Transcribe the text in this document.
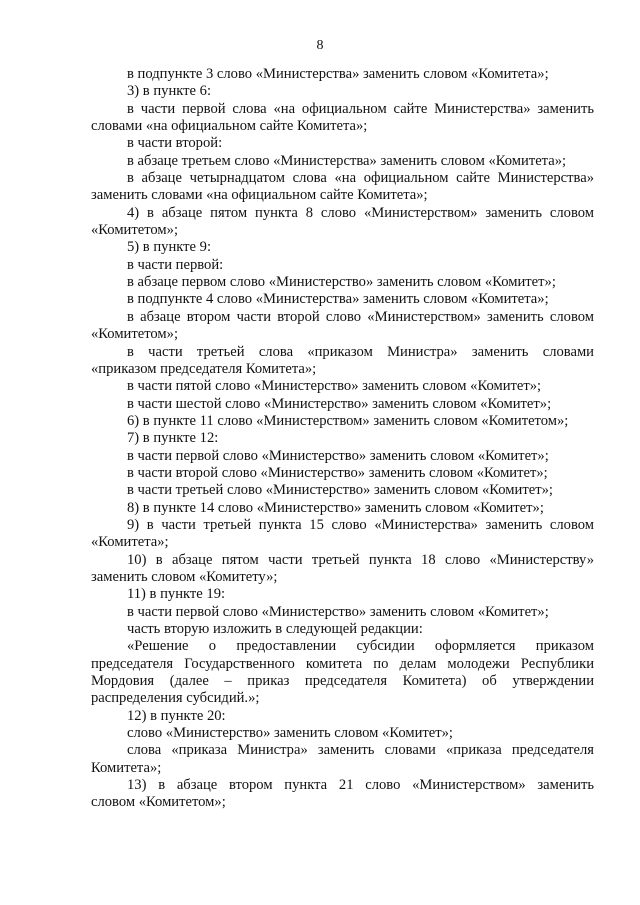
8
в подпункте 3 слово «Министерства» заменить словом «Комитета»;
3) в пункте 6:
в части первой слова «на официальном сайте Министерства» заменить
словами «на официальном сайте Комитета»;
в части второй:
в абзаце третьем слово «Министерства» заменить словом «Комитета»;
в абзаце четырнадцатом слова «на официальном сайте Министерства»
заменить словами «на официальном сайте Комитета»;
4) в абзаце пятом пункта 8 слово «Министерством» заменить словом
«Комитетом»;
5) в пункте 9:
в части первой:
в абзаце первом слово «Министерство» заменить словом «Комитет»;
в подпункте 4 слово «Министерства» заменить словом «Комитета»;
в абзаце втором части второй слово «Министерством» заменить словом
«Комитетом»;
в части третьей слова «приказом Министра» заменить словами
«приказом председателя Комитета»;
в части пятой слово «Министерство» заменить словом «Комитет»;
в части шестой слово «Министерство» заменить словом «Комитет»;
6) в пункте 11 слово «Министерством» заменить словом «Комитетом»;
7) в пункте 12:
в части первой слово «Министерство» заменить словом «Комитет»;
в части второй слово «Министерство» заменить словом «Комитет»;
в части третьей слово «Министерство» заменить словом «Комитет»;
8) в пункте 14 слово «Министерство» заменить словом «Комитет»;
9) в части третьей пункта 15 слово «Министерства» заменить словом
«Комитета»;
10) в абзаце пятом части третьей пункта 18 слово «Министерству»
заменить словом «Комитету»;
11) в пункте 19:
в части первой слово «Министерство» заменить словом «Комитет»;
часть вторую изложить в следующей редакции:
«Решение о предоставлении субсидии оформляется приказом
председателя Государственного комитета по делам молодежи Республики
Мордовия (далее – приказ председателя Комитета) об утверждении
распределения субсидий.»;
12) в пункте 20:
слово «Министерство» заменить словом «Комитет»;
слова «приказа Министра» заменить словами «приказа председателя
Комитета»;
13) в абзаце втором пункта 21 слово «Министерством» заменить
словом «Комитетом»;
